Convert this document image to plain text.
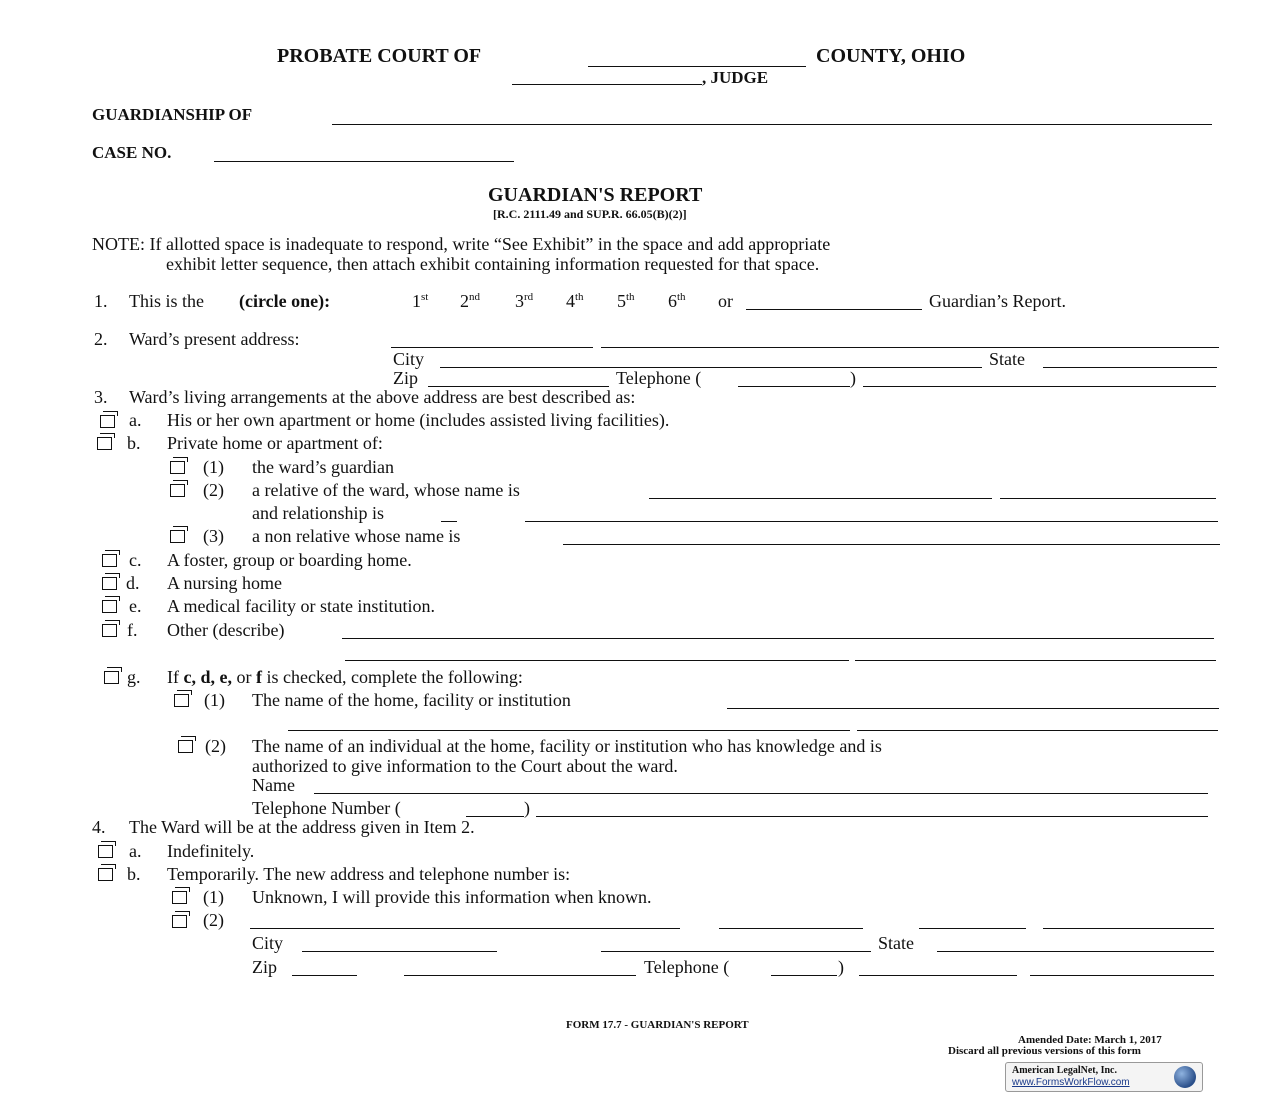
PROBATE COURT OF	COUNTY, OHIO
, JUDGE
GUARDIANSHIP OF
CASE NO.
GUARDIAN'S REPORT
[R.C. 2111.49 and SUP.R. 66.05(B)(2)]
NOTE: If allotted space is inadequate to respond, write “See Exhibit” in the space and add appropriate
exhibit letter sequence, then attach exhibit containing information requested for that space.
1. This is the (circle one):	1st 2nd 3rd 4th 5th 6th or	Guardian’s Report.
2. Ward’s present address:
City	State
Zip	Telephone (	)
3. Ward’s living arrangements at the above address are best described as:
a. His or her own apartment or home (includes assisted living facilities).
b. Private home or apartment of:
(1) the ward’s guardian
(2) a relative of the ward, whose name is
and relationship is
(3) a non relative whose name is
c. A foster, group or boarding home.
d. A nursing home
e. A medical facility or state institution.
f. Other (describe)
g. If c, d, e, or f is checked, complete the following:
(1) The name of the home, facility or institution
(2) The name of an individual at the home, facility or institution who has knowledge and is
authorized to give information to the Court about the ward.
Name
Telephone Number (	)
4. The Ward will be at the address given in Item 2.
a. Indefinitely.
b. Temporarily. The new address and telephone number is:
(1) Unknown, I will provide this information when known.
(2)
City	State
Zip	Telephone (	)
FORM 17.7 - GUARDIAN'S REPORT
Amended Date: March 1, 2017
Discard all previous versions of this form
American LegalNet, Inc.
www.FormsWorkFlow.com
